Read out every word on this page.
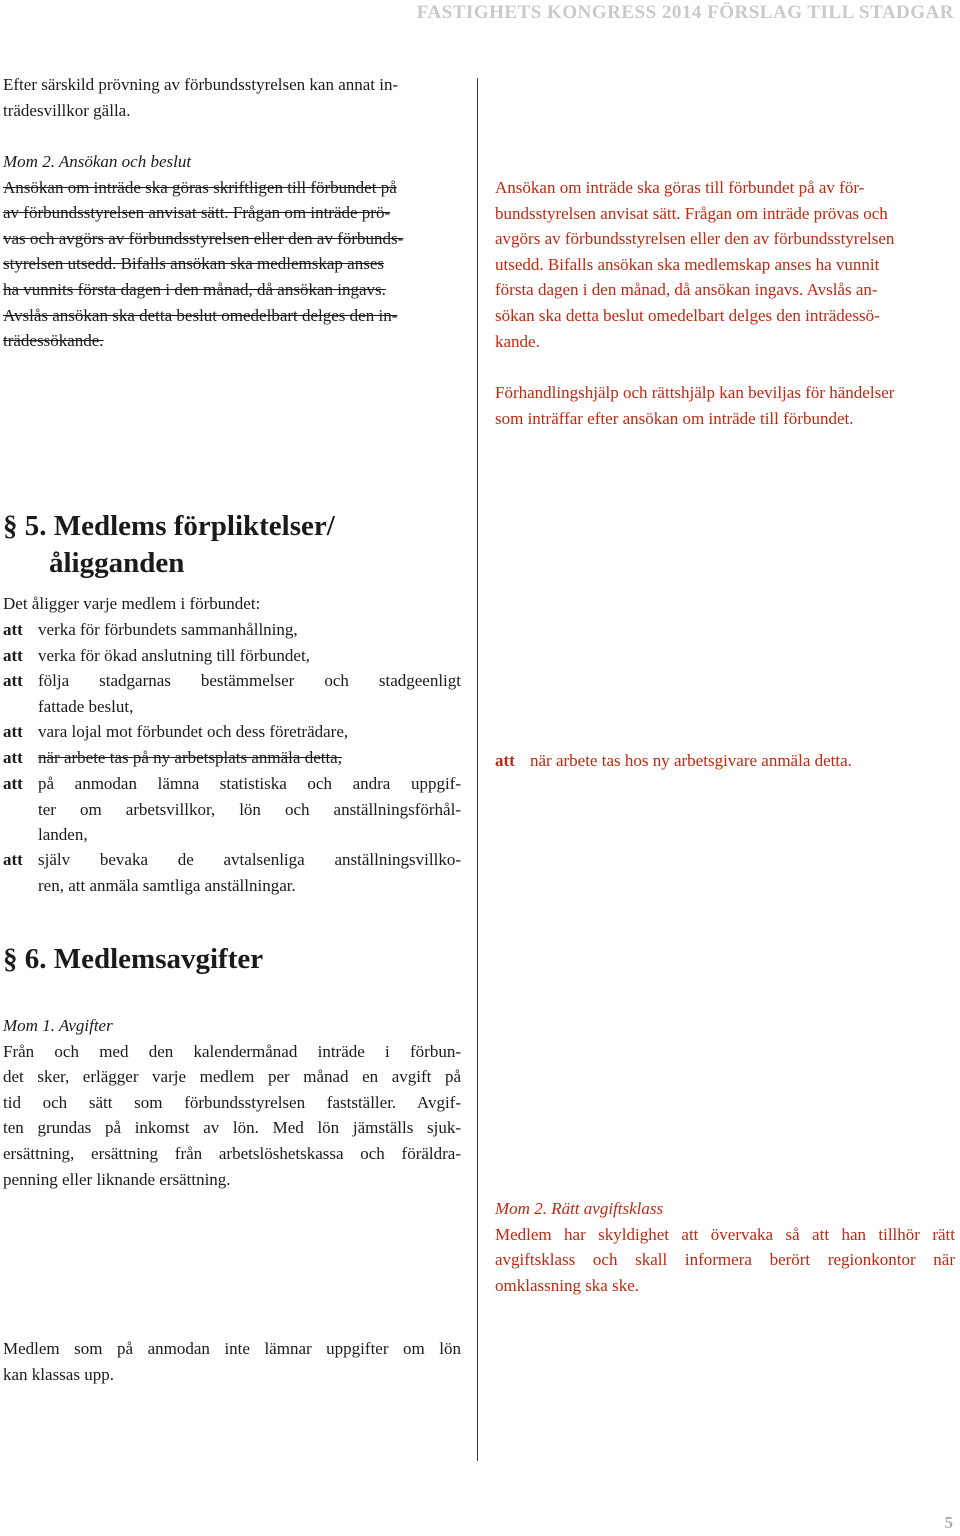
FASTIGHETS KONGRESS 2014 FÖRSLAG TILL STADGAR
Efter särskild prövning av förbundsstyrelsen kan annat in-
trädesvillkor gälla.
Mom 2. Ansökan och beslut
Ansökan om inträde ska göras skriftligen till förbundet på
av förbundsstyrelsen anvisat sätt. Frågan om inträde prö-
vas och avgörs av förbundsstyrelsen eller den av förbunds-
styrelsen utsedd. Bifalls ansökan ska medlemskap anses
ha vunnits första dagen i den månad, då ansökan ingavs.
Avslås ansökan ska detta beslut omedelbart delges den in-
trädessökande.
Ansökan om inträde ska göras till förbundet på av för-
bundsstyrelsen anvisat sätt. Frågan om inträde prövas och
avgörs av förbundsstyrelsen eller den av förbundsstyrelsen
utsedd. Bifalls ansökan ska medlemskap anses ha vunnit
första dagen i den månad, då ansökan ingavs. Avslås an-
sökan ska detta beslut omedelbart delges den inträdessö-
kande.
Förhandlingshjälp och rättshjälp kan beviljas för händelser
som inträffar efter ansökan om inträde till förbundet.
§ 5. Medlems förpliktelser/
åligganden
Det åligger varje medlem i förbundet:
att verka för förbundets sammanhållning,
att verka för ökad anslutning till förbundet,
att följa stadgarnas bestämmelser och stadgeenligt
fattade beslut,
att vara lojal mot förbundet och dess företrädare,
att när arbete tas på ny arbetsplats anmäla detta,
att på anmodan lämna statistiska och andra uppgif-
ter om arbetsvillkor, lön och anställningsförhål-
landen,
att själv bevaka de avtalsenliga anställningsvillko-
ren, att anmäla samtliga anställningar.
att när arbete tas hos ny arbetsgivare anmäla detta.
§ 6. Medlemsavgifter
Mom 1. Avgifter
Från och med den kalendermånad inträde i förbun-
det sker, erlägger varje medlem per månad en avgift på
tid och sätt som förbundsstyrelsen fastställer. Avgif-
ten grundas på inkomst av lön. Med lön jämställs sjuk-
ersättning, ersättning från arbetslöshetskassa och föräldra-
penning eller liknande ersättning.
Mom 2. Rätt avgiftsklass
Medlem har skyldighet att övervaka så att han tillhör rätt
avgiftsklass och skall informera berört regionkontor när
omklassning ska ske.
Medlem som på anmodan inte lämnar uppgifter om lön
kan klassas upp.
5
